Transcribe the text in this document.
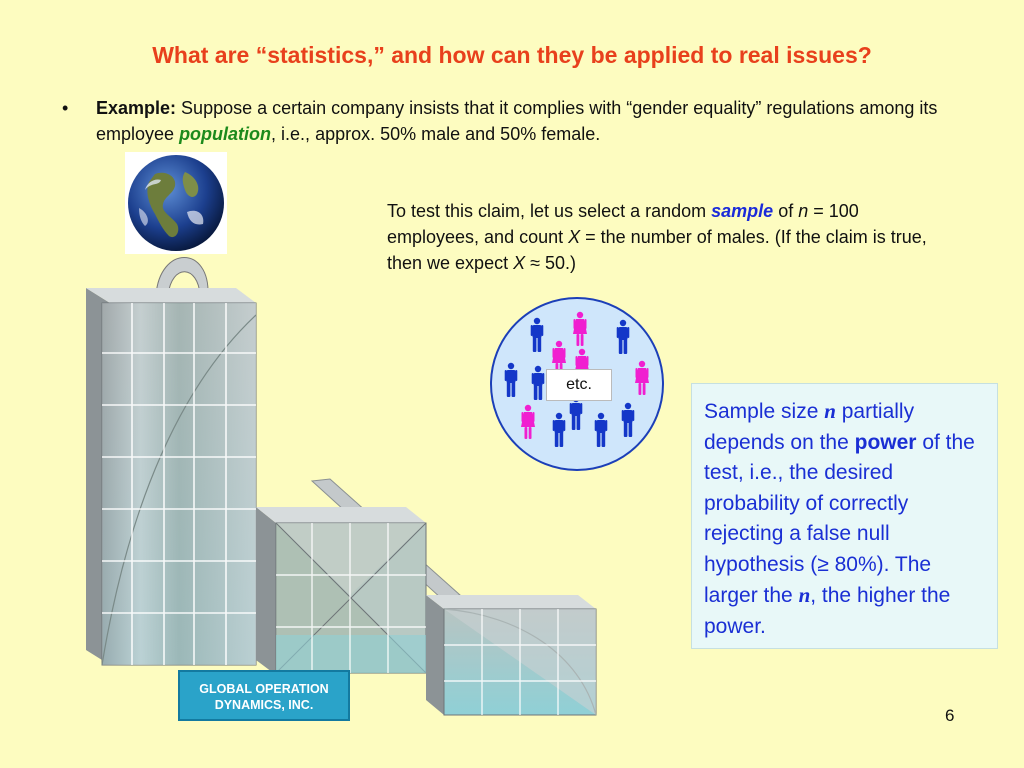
What are “statistics,” and how can they be applied to real issues?
• Example: Suppose a certain company insists that it complies with “gender equality” regulations among its employee population, i.e., approx. 50% male and 50% female.
To test this claim, let us select a random sample of n = 100 employees, and count X = the number of males. (If the claim is true, then we expect X ≈ 50.)
GLOBAL OPERATION
DYNAMICS, INC.
etc.
Sample size n partially depends on the power of the test, i.e., the desired probability of correctly rejecting a false null hypothesis (≥ 80%). The larger the n, the higher the power.
6
